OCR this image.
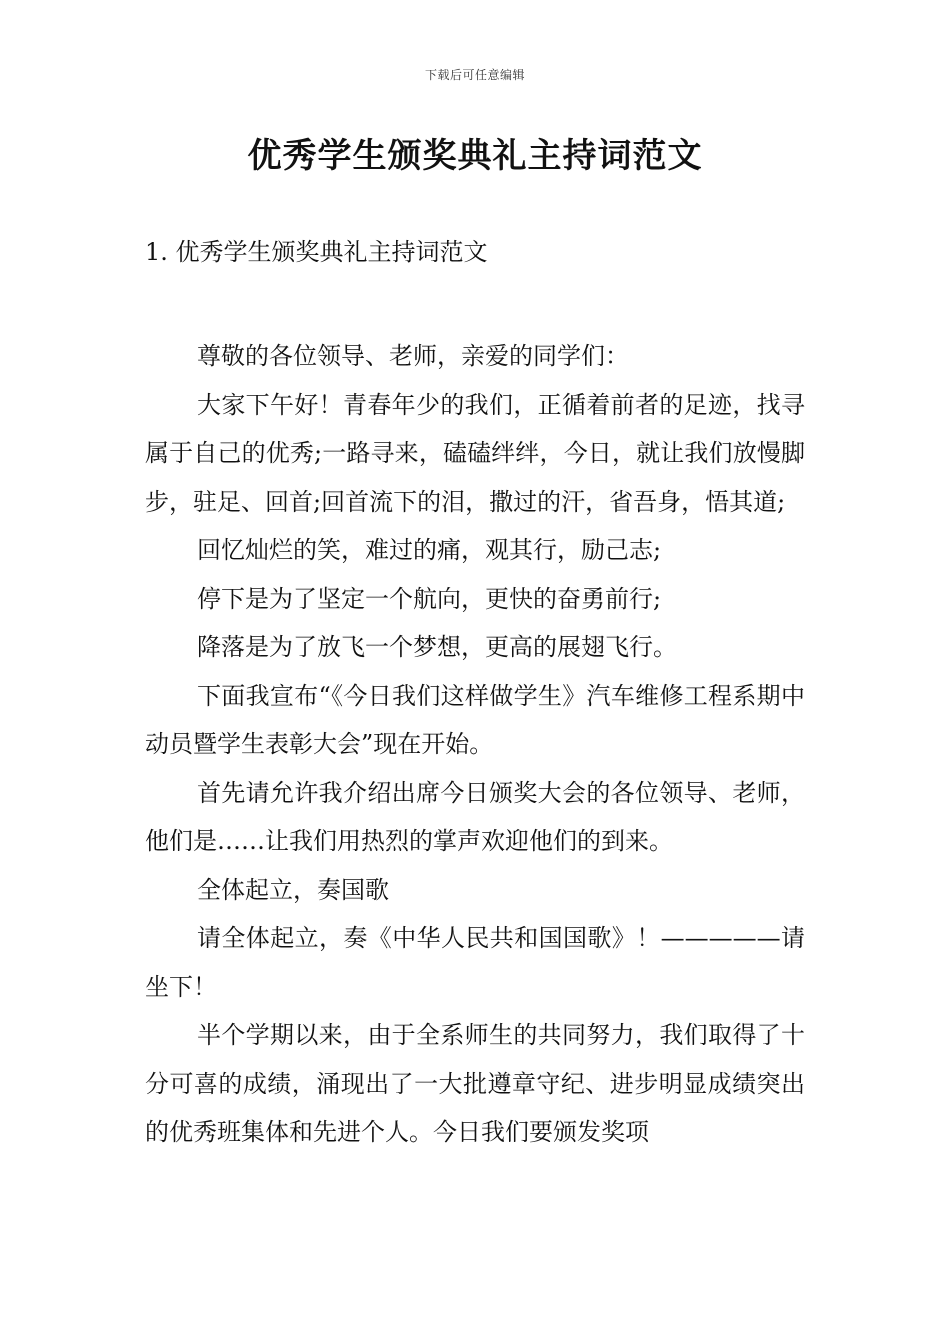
下载后可任意编辑
优秀学生颁奖典礼主持词范文
1. 优秀学生颁奖典礼主持词范文

尊敬的各位领导、老师，亲爱的同学们：

大家下午好！青春年少的我们，正循着前者的足迹，找寻属于自己的优秀;一路寻来，磕磕绊绊，今日，就让我们放慢脚步，驻足、回首;回首流下的泪，撒过的汗，省吾身，悟其道;

回忆灿烂的笑，难过的痛，观其行，励己志;

停下是为了坚定一个航向，更快的奋勇前行;

降落是为了放飞一个梦想，更高的展翅飞行。

下面我宣布“《今日我们这样做学生》汽车维修工程系期中动员暨学生表彰大会”现在开始。

首先请允许我介绍出席今日颁奖大会的各位领导、老师，他们是……让我们用热烈的掌声欢迎他们的到来。

全体起立，奏国歌

请全体起立，奏《中华人民共和国国歌》！—————请坐下！

半个学期以来，由于全系师生的共同努力，我们取得了十分可喜的成绩，涌现出了一大批遵章守纪、进步明显成绩突出的优秀班集体和先进个人。今日我们要颁发奖项
